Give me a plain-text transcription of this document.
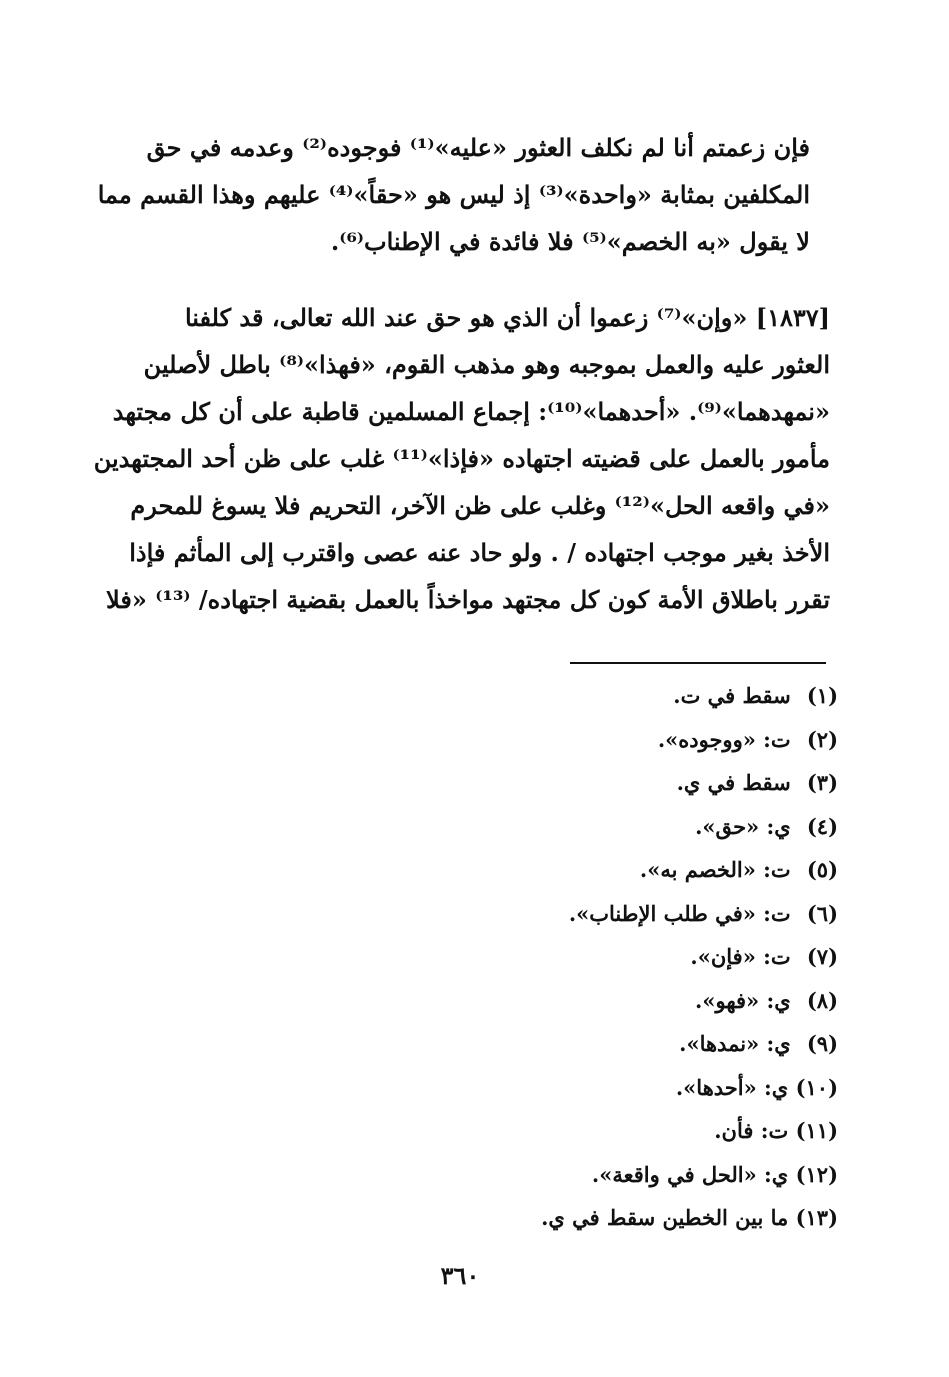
فإن زعمتم أنا لم نكلف العثور «عليه»⁽¹⁾ فوجوده⁽²⁾ وعدمه في حق
المكلفين بمثابة «واحدة»⁽³⁾ إذ ليس هو «حقاً»⁽⁴⁾ عليهم وهذا القسم مما
لا يقول «به الخصم»⁽⁵⁾ فلا فائدة في الإطناب⁽⁶⁾.
[١٨٣٧] «وإن»⁽⁷⁾ زعموا أن الذي هو حق عند الله تعالى، قد كلفنا
العثور عليه والعمل بموجبه وهو مذهب القوم، «فهذا»⁽⁸⁾ باطل لأصلين
«نمهدهما»⁽⁹⁾. «أحدهما»⁽¹⁰⁾: إجماع المسلمين قاطبة على أن كل مجتهد
مأمور بالعمل على قضيته اجتهاده «فإذا»⁽¹¹⁾ غلب على ظن أحد المجتهدين
«في واقعه الحل»⁽¹²⁾ وغلب على ظن الآخر، التحريم فلا يسوغ للمحرم
الأخذ بغير موجب اجتهاده / . ولو حاد عنه عصى واقترب إلى المأثم فإذا
تقرر باطلاق الأمة كون كل مجتهد مواخذاً بالعمل بقضية اجتهاده/ ⁽¹³⁾ «فلا
(١) سقط في ت.
(٢) ت: «ووجوده».
(٣) سقط في ي.
(٤) ي: «حق».
(٥) ت: «الخصم به».
(٦) ت: «في طلب الإطناب».
(٧) ت: «فإن».
(٨) ي: «فهو».
(٩) ي: «نمدها».
(١٠) ي: «أحدها».
(١١) ت: فأن.
(١٢) ي: «الحل في واقعة».
(١٣) ما بين الخطين سقط في ي.
٣٦٠
